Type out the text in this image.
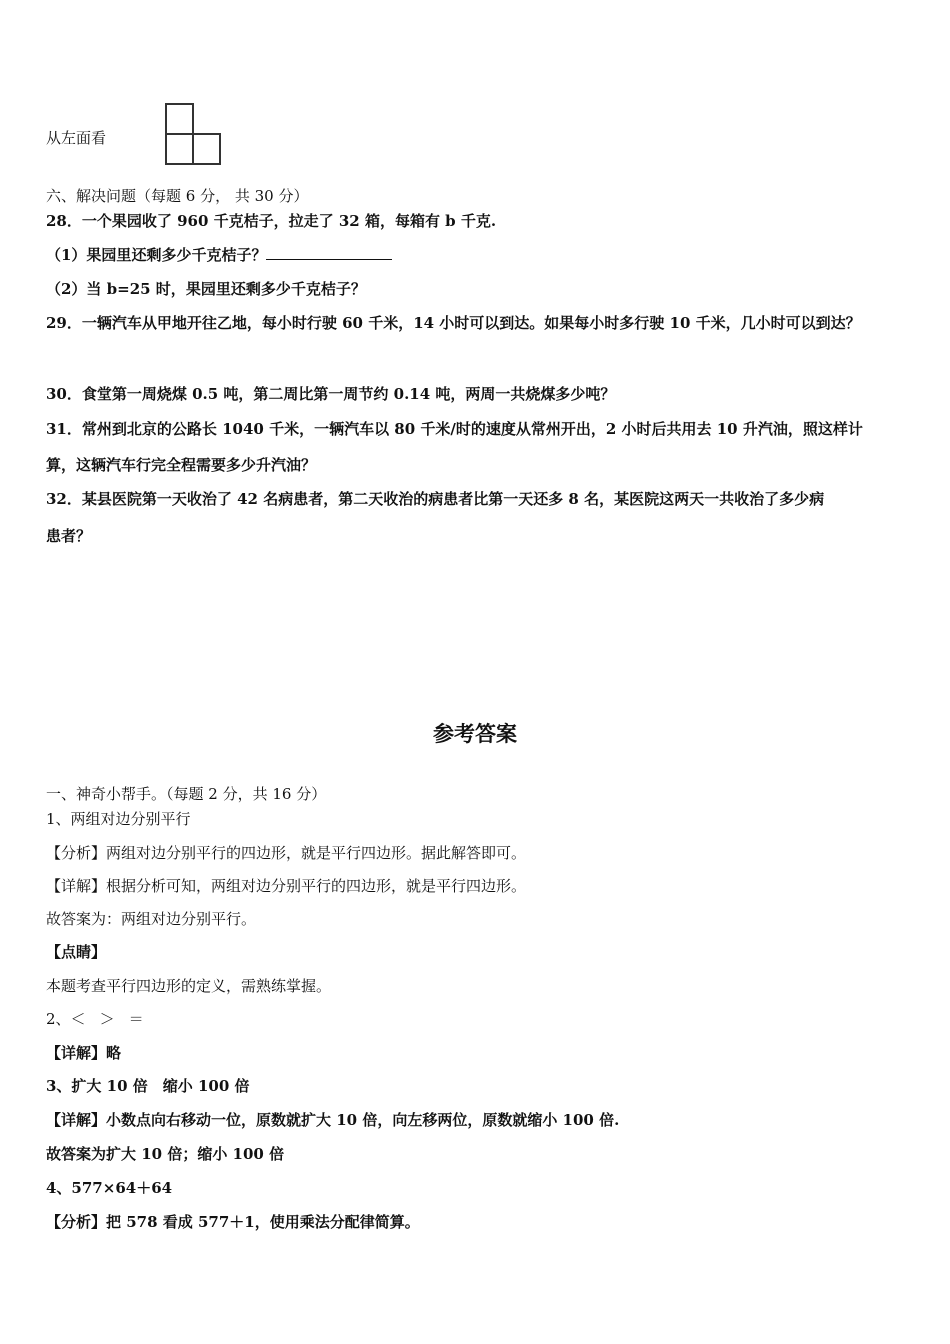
从左面看
六、解决问题（每题 6 分， 共 30 分）
28．一个果园收了 960 千克桔子，拉走了 32 箱，每箱有 b 千克.
（1）果园里还剩多少千克桔子？
（2）当 b=25 时，果园里还剩多少千克桔子？
29．一辆汽车从甲地开往乙地，每小时行驶 60 千米，14 小时可以到达。如果每小时多行驶 10 千米，几小时可以到达？
30．食堂第一周烧煤 0.5 吨，第二周比第一周节约 0.14 吨，两周一共烧煤多少吨？
31．常州到北京的公路长 1040 千米，一辆汽车以 80 千米/时的速度从常州开出，2 小时后共用去 10 升汽油，照这样计
算，这辆汽车行完全程需要多少升汽油？
32．某县医院第一天收治了 42 名病患者，第二天收治的病患者比第一天还多 8 名，某医院这两天一共收治了多少病
患者？
参考答案
一、神奇小帮手。（每题 2 分，共 16 分）
1、两组对边分别平行
【分析】两组对边分别平行的四边形，就是平行四边形。据此解答即可。
【详解】根据分析可知，两组对边分别平行的四边形，就是平行四边形。
故答案为：两组对边分别平行。
【点睛】
本题考查平行四边形的定义，需熟练掌握。
2、＜ ＞ ＝
【详解】略
3、扩大 10 倍　缩小 100 倍
【详解】小数点向右移动一位，原数就扩大 10 倍，向左移两位，原数就缩小 100 倍.
故答案为扩大 10 倍；缩小 100 倍
4、577×64＋64
【分析】把 578 看成 577＋1，使用乘法分配律简算。
